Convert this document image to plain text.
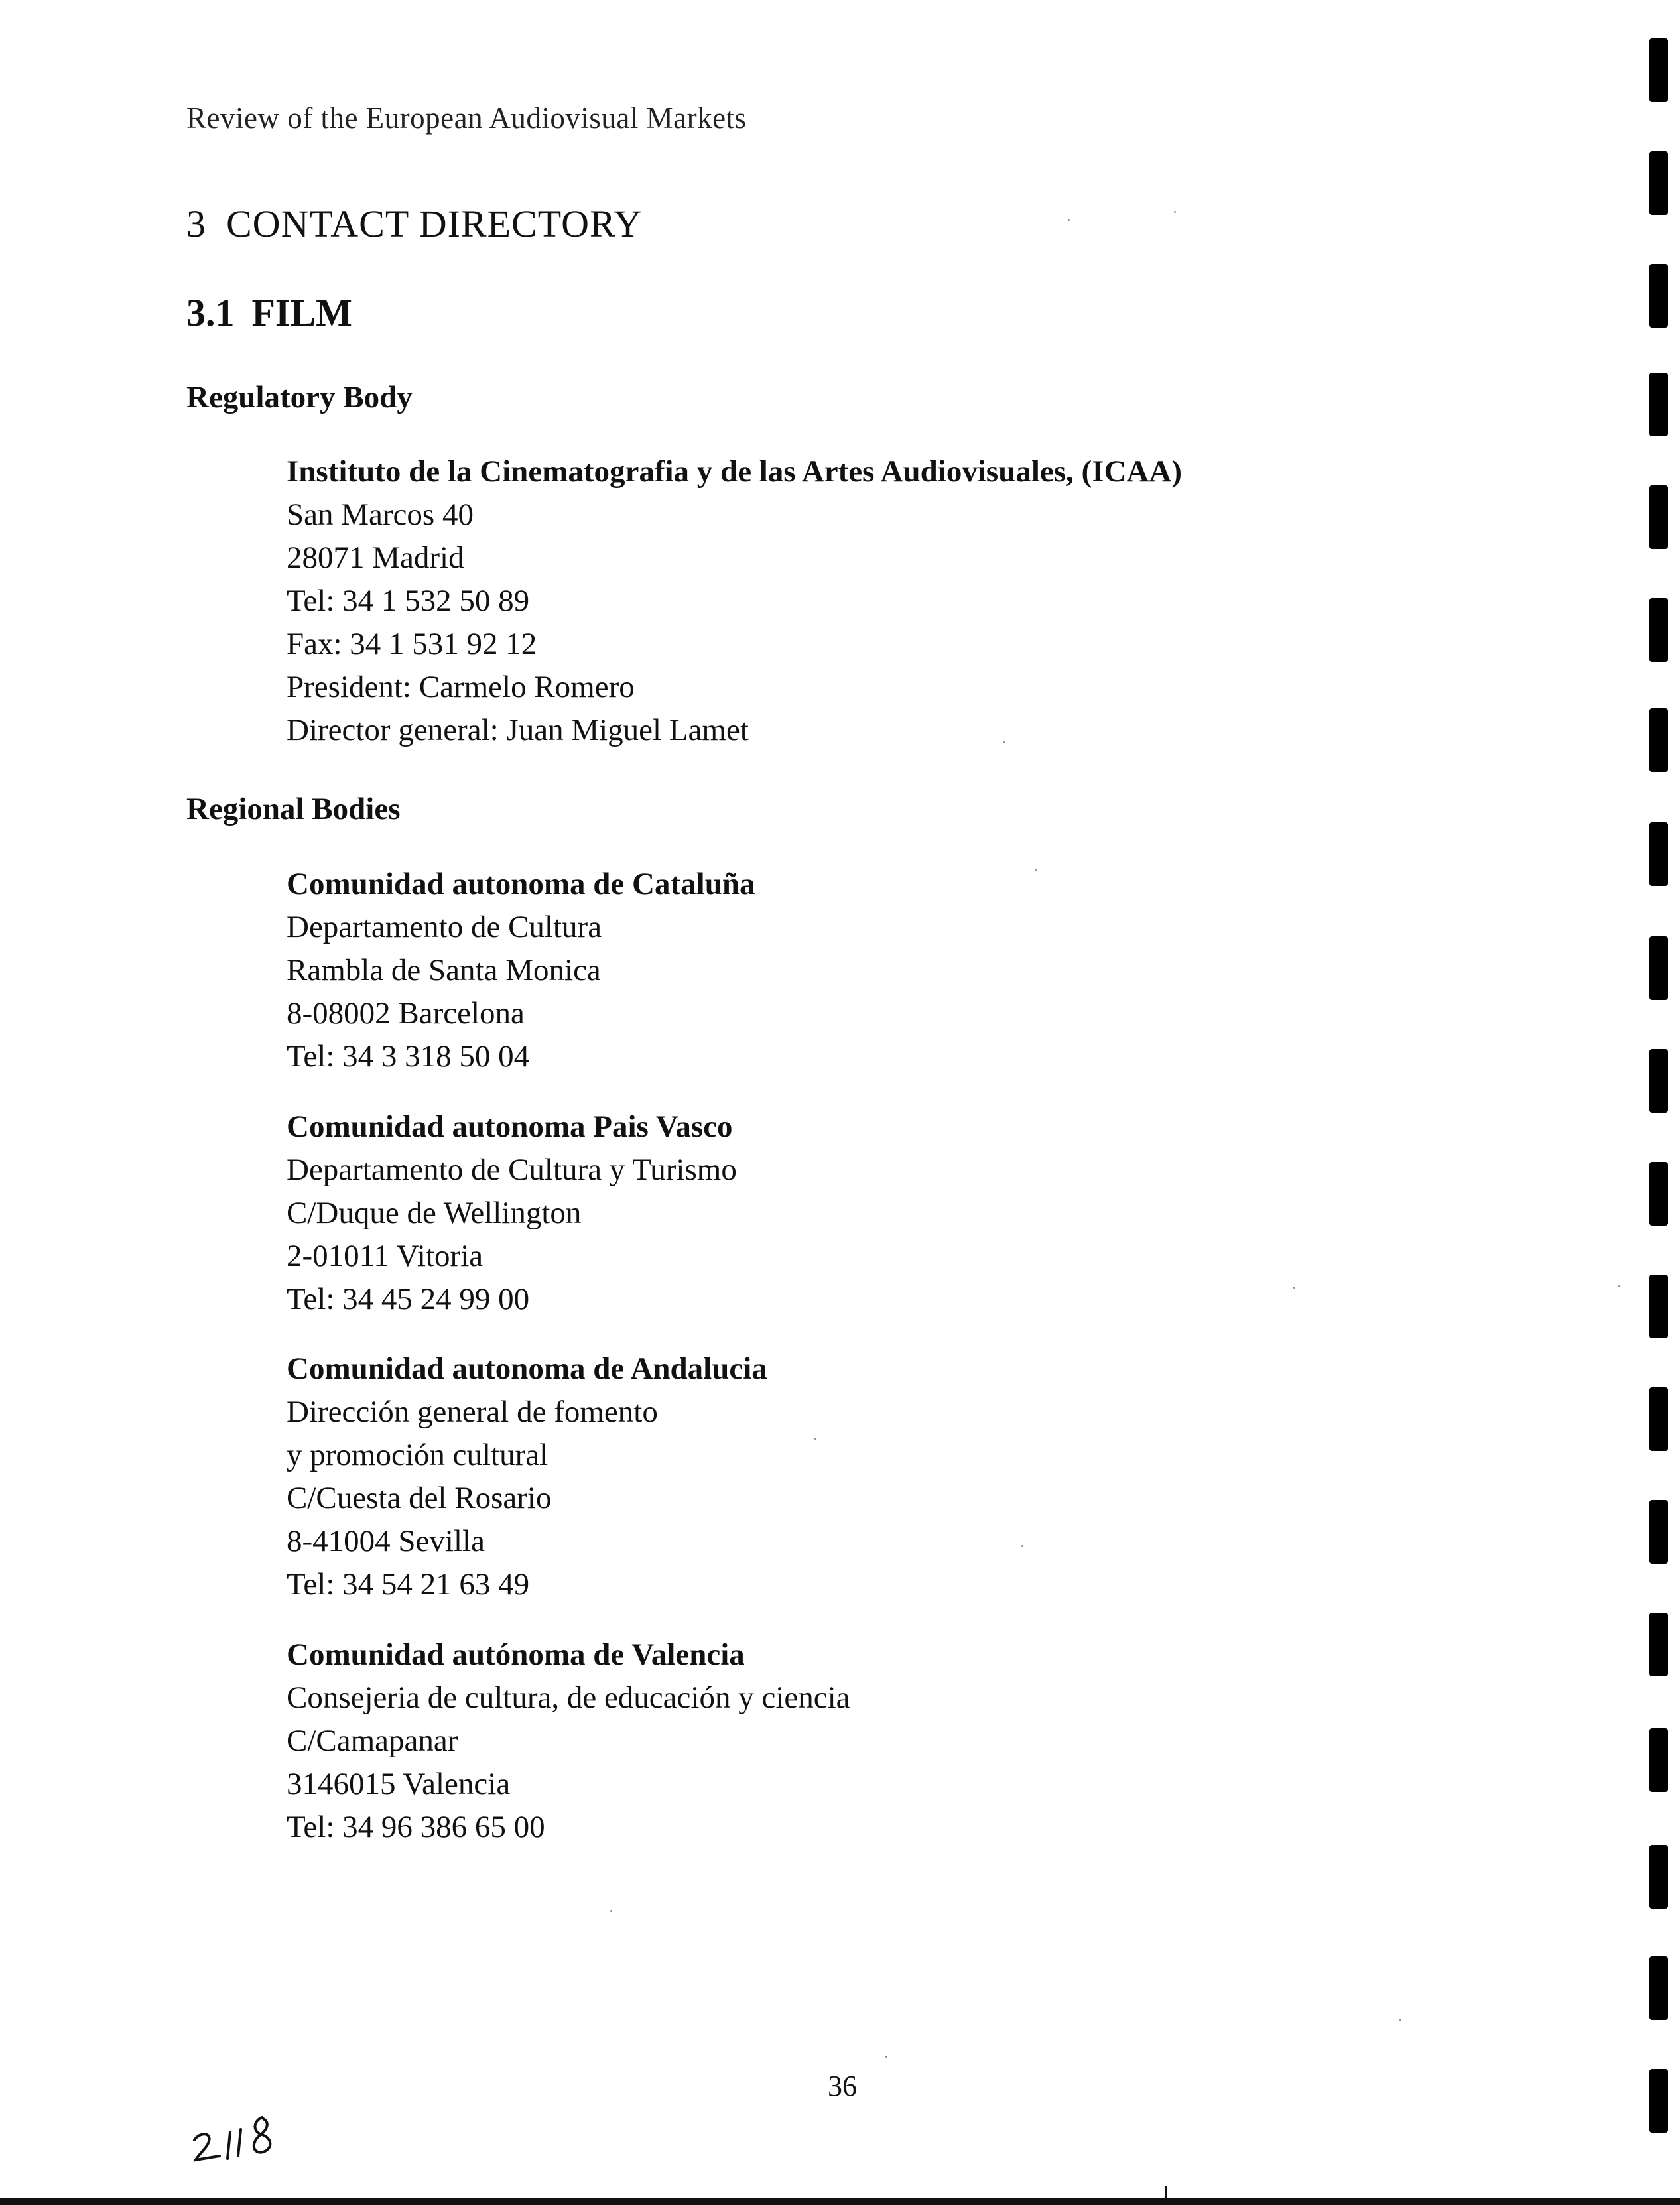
Review of the European Audiovisual Markets
3 CONTACT DIRECTORY
3.1 FILM
Regulatory Body
Instituto de la Cinematografia y de las Artes Audiovisuales, (ICAA)
San Marcos 40
28071 Madrid
Tel: 34 1 532 50 89
Fax: 34 1 531 92 12
President: Carmelo Romero
Director general: Juan Miguel Lamet
Regional Bodies
Comunidad autonoma de Cataluña
Departamento de Cultura
Rambla de Santa Monica
8-08002 Barcelona
Tel: 34 3 318 50 04
Comunidad autonoma Pais Vasco
Departamento de Cultura y Turismo
C/Duque de Wellington
2-01011 Vitoria
Tel: 34 45 24 99 00
Comunidad autonoma de Andalucia
Dirección general de fomento
y promoción cultural
C/Cuesta del Rosario
8-41004 Sevilla
Tel: 34 54 21 63 49
Comunidad autónoma de Valencia
Consejeria de cultura, de educación y ciencia
C/Camapanar
3146015 Valencia
Tel: 34 96 386 65 00
36
